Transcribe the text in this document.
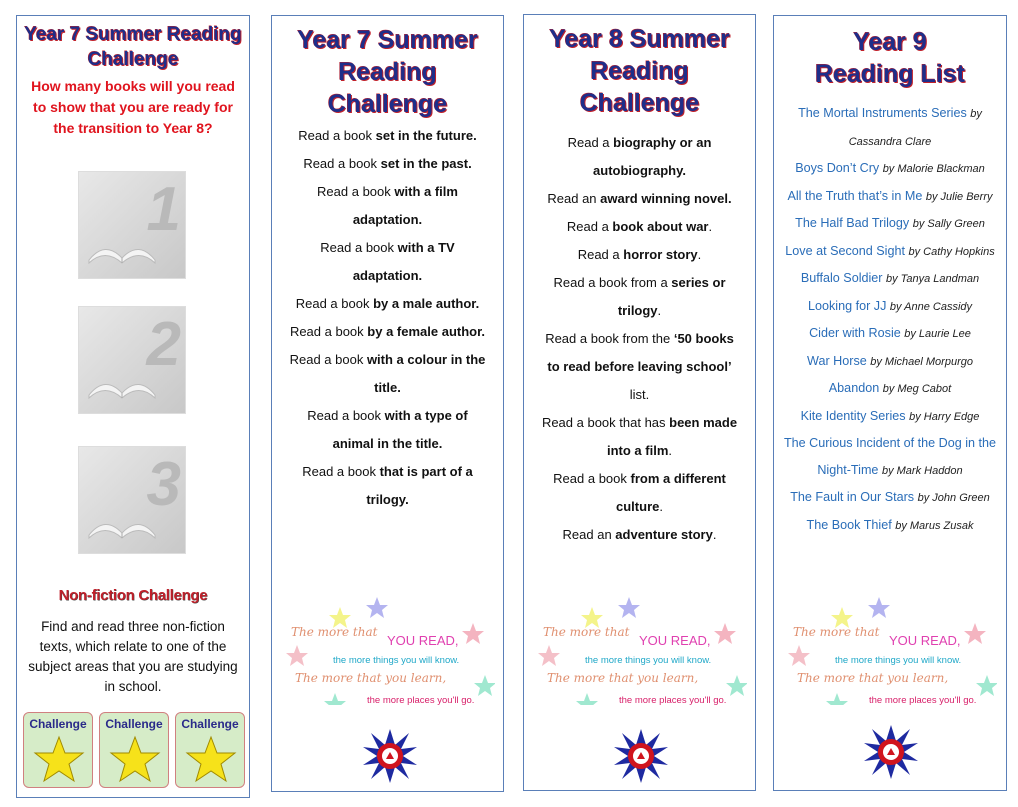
Year 7 Summer Reading Challenge
How many books will you read to show that you are ready for the transition to Year 8?
1
2
3
Non-fiction Challenge
Find and read three non-fiction texts, which relate to one of the subject areas that you are studying in school.
Challenge	Challenge	Challenge
Year 7 Summer Reading Challenge
Read a book set in the future.
Read a book set in the past.
Read a book with a film adaptation.
Read a book with a TV adaptation.
Read a book by a male author.
Read a book by a female author.
Read a book with a colour in the title.
Read a book with a type of animal in the title.
Read a book that is part of a trilogy.
Year 8 Summer Reading Challenge
Read a biography or an autobiography.
Read an award winning novel.
Read a book about war.
Read a horror story.
Read a book from a series or trilogy.
Read a book from the ‘50 books to read before leaving school’ list.
Read a book that has been made into a film.
Read a book from a different culture.
Read an adventure story.
Year 9 Reading List
The Mortal Instruments Series by Cassandra Clare
Boys Don’t Cry by Malorie Blackman
All the Truth that’s in Me by Julie Berry
The Half Bad Trilogy by Sally Green
Love at Second Sight by Cathy Hopkins
Buffalo Soldier by Tanya Landman
Looking for JJ by Anne Cassidy
Cider with Rosie by Laurie Lee
War Horse by Michael Morpurgo
Abandon by Meg Cabot
Kite Identity Series by Harry Edge
The Curious Incident of the Dog in the Night-Time by Mark Haddon
The Fault in Our Stars by John Green
The Book Thief by Marus Zusak
The more that
YOU READ,
the more things you will know.
The more that you learn,
the more places you'll go.
The more that
YOU READ,
the more things you will know.
The more that you learn,
the more places you'll go.
The more that
YOU READ,
the more things you will know.
The more that you learn,
the more places you'll go.
